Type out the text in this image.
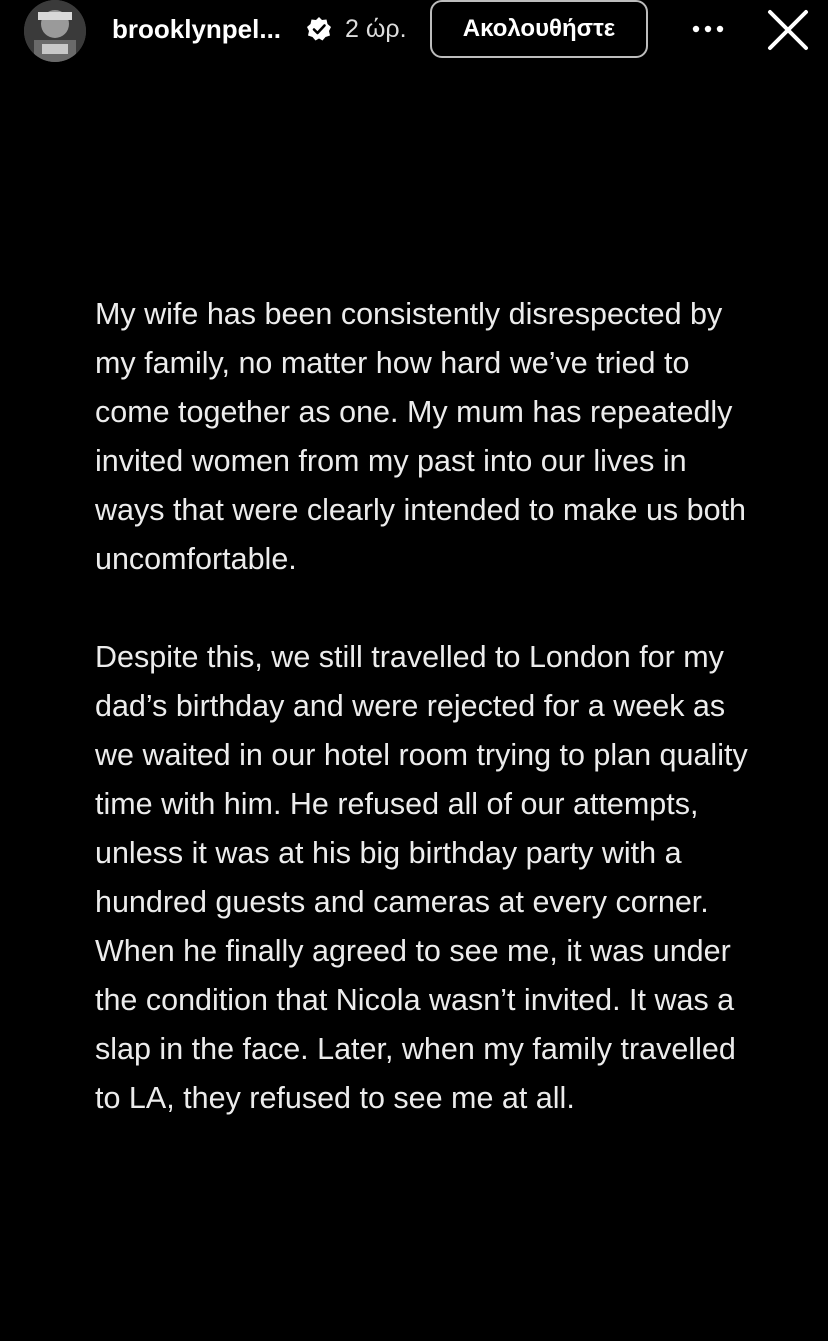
brooklynpel...	2 ώρ.	Ακολουθήστε

My wife has been consistently disrespected by my family, no matter how hard we’ve tried to come together as one. My mum has repeatedly invited women from my past into our lives in ways that were clearly intended to make us both uncomfortable.

Despite this, we still travelled to London for my dad’s birthday and were rejected for a week as we waited in our hotel room trying to plan quality time with him. He refused all of our attempts, unless it was at his big birthday party with a hundred guests and cameras at every corner. When he finally agreed to see me, it was under the condition that Nicola wasn’t invited. It was a slap in the face. Later, when my family travelled to LA, they refused to see me at all.
